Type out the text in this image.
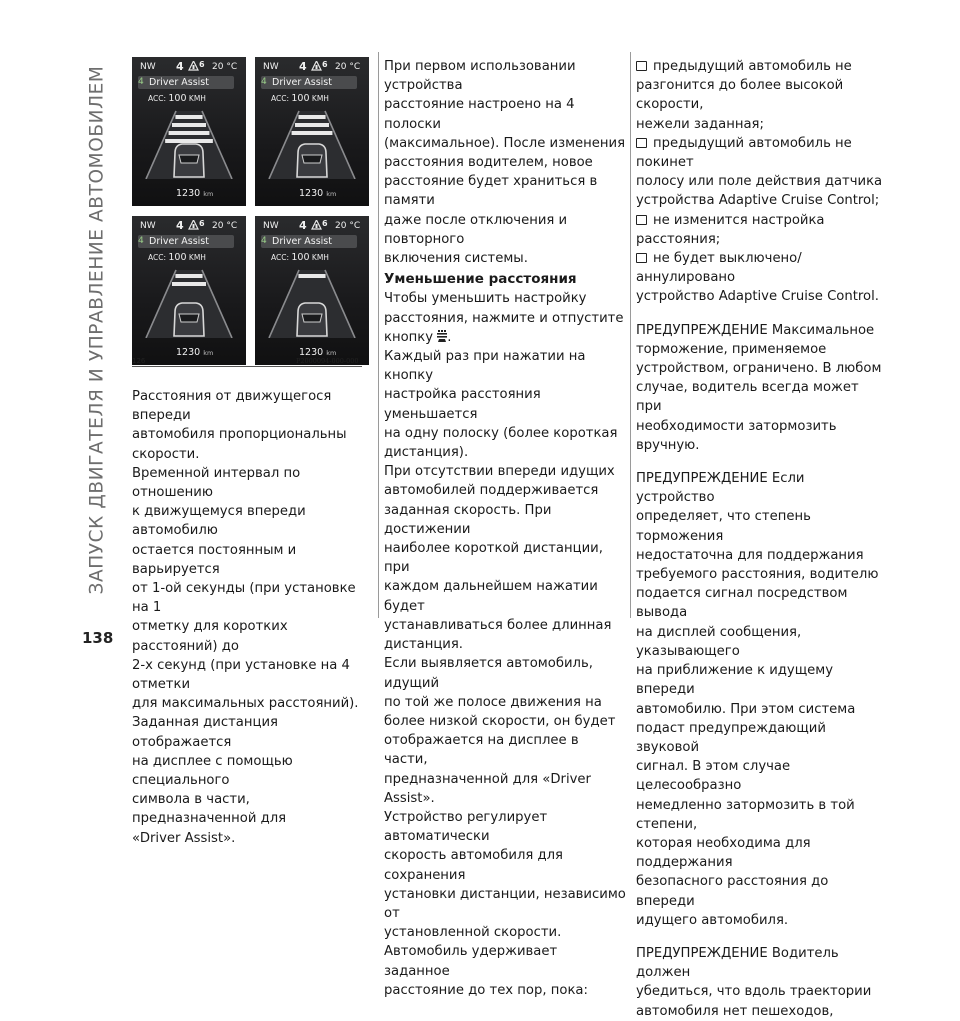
ЗАПУСК ДВИГАТЕЛЯ И УПРАВЛЕНИЕ АВТОМОБИЛЕМ
138
NW 4 6 20 °C
4 Driver Assist
ACC: 100 KMH
1230 km
NW 4 6 20 °C
4 Driver Assist
ACC: 100 KMH
1230 km
NW 4 6 20 °C
4 Driver Assist
ACC: 100 KMH
1230 km
NW 4 6 20 °C
4 Driver Assist
ACC: 100 KMH
1230 km
126	P2000094-000-000

Расстояния от движущегося впереди

автомобиля пропорциональны

скорости.

Временной интервал по отношению

к движущемуся впереди автомобилю

остается постоянным и варьируется

от 1-ой секунды (при установке на 1

отметку для коротких расстояний) до

2-х секунд (при установке на 4 отметки

для максимальных расстояний).

Заданная дистанция отображается

на дисплее с помощью специального

символа в части, предназначенной для

«Driver Assist».

При первом использовании устройства

расстояние настроено на 4 полоски

(максимальное). После изменения

расстояния водителем, новое

расстояние будет храниться в памяти

даже после отключения и повторного

включения системы.

Уменьшение расстояния

Чтобы уменьшить настройку

расстояния, нажмите и отпустите

кнопку .

Каждый раз при нажатии на кнопку

настройка расстояния уменьшается

на одну полоску (более короткая

дистанция).

При отсутствии впереди идущих

автомобилей поддерживается

заданная скорость. При достижении

наиболее короткой дистанции, при

каждом дальнейшем нажатии будет

устанавливаться более длинная

дистанция.

Если выявляется автомобиль, идущий

по той же полосе движения на

более низкой скорости, он будет

отображается на дисплее в части,

предназначенной для «Driver Assist».

Устройство регулирует автоматически

скорость автомобиля для сохранения

установки дистанции, независимо от

установленной скорости.

Автомобиль удерживает заданное

расстояние до тех пор, пока:

предыдущий автомобиль не

разгонится до более высокой скорости,

нежели заданная;

предыдущий автомобиль не покинет

полосу или поле действия датчика

устройства Adaptive Cruise Control;

не изменится настройка расстояния;

не будет выключено/аннулировано

устройство Adaptive Cruise Control.

ПРЕДУПРЕЖДЕНИЕ Максимальное

торможение, применяемое

устройством, ограничено. В любом

случае, водитель всегда может при

необходимости затормозить вручную.

ПРЕДУПРЕЖДЕНИЕ Если устройство

определяет, что степень торможения

недостаточна для поддержания

требуемого расстояния, водителю

подается сигнал посредством вывода

на дисплей сообщения, указывающего

на приближение к идущему впереди

автомобилю. При этом система

подаст предупреждающий звуковой

сигнал. В этом случае целесообразно

немедленно затормозить в той степени,

которая необходима для поддержания

безопасного расстояния до впереди

идущего автомобиля.

ПРЕДУПРЕЖДЕНИЕ Водитель должен

убедиться, что вдоль траектории

автомобиля нет пешеходов,
